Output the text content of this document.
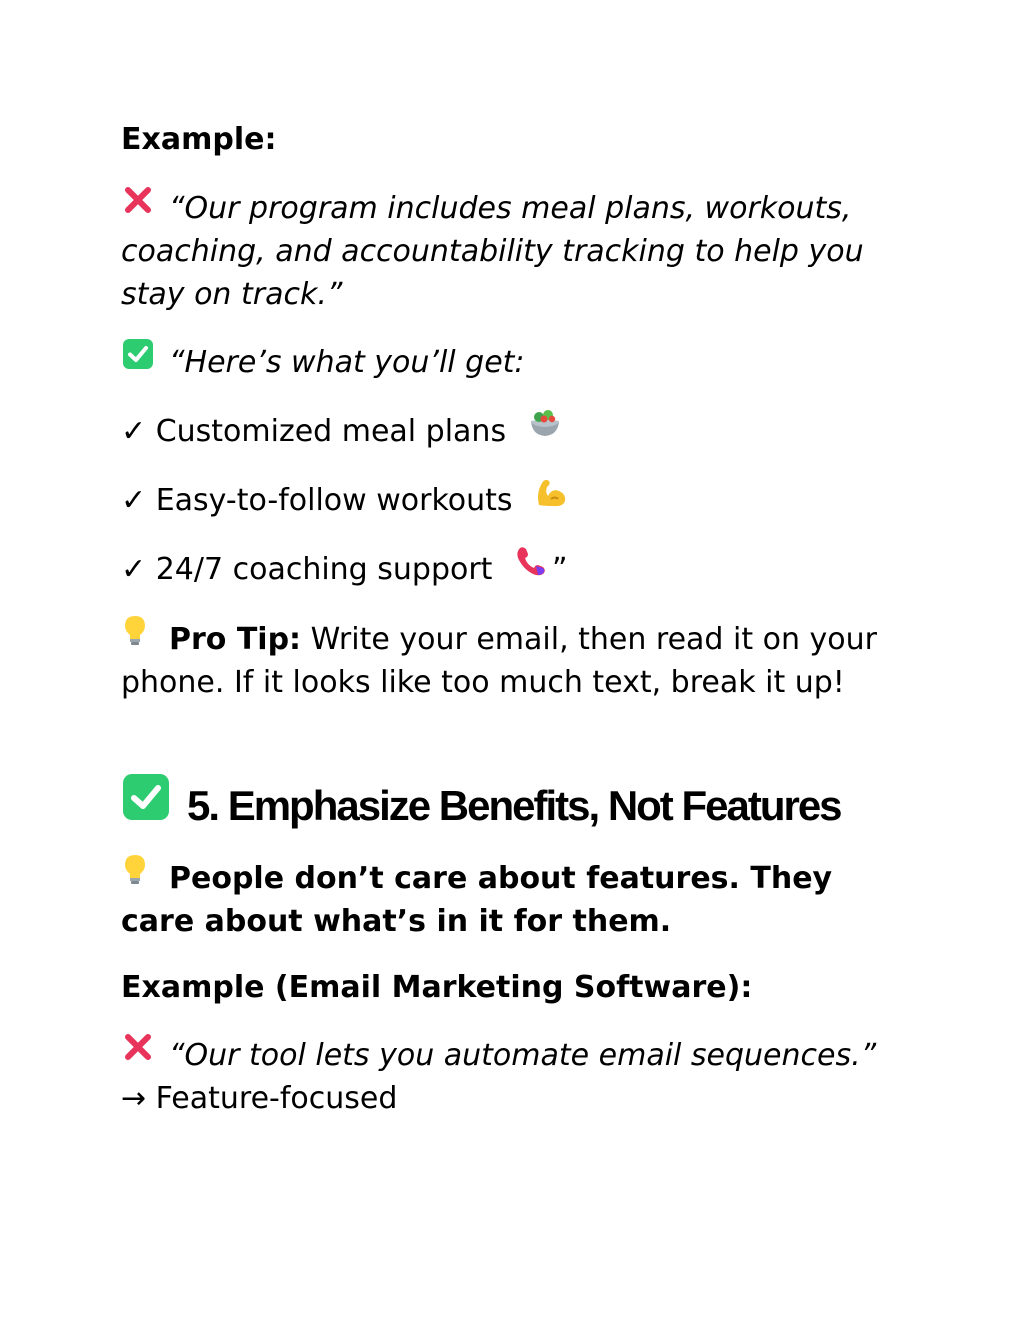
Example:
“Our program includes meal plans, workouts,
coaching, and accountability tracking to help you
stay on track.”
“Here’s what you’ll get:
✓ Customized meal plans
✓ Easy-to-follow workouts
✓ 24/7 coaching support ”
Pro Tip: Write your email, then read it on your
phone. If it looks like too much text, break it up!
5. Emphasize Benefits, Not Features
People don’t care about features. They
care about what’s in it for them.
Example (Email Marketing Software):
“Our tool lets you automate email sequences.”
→ Feature-focused
